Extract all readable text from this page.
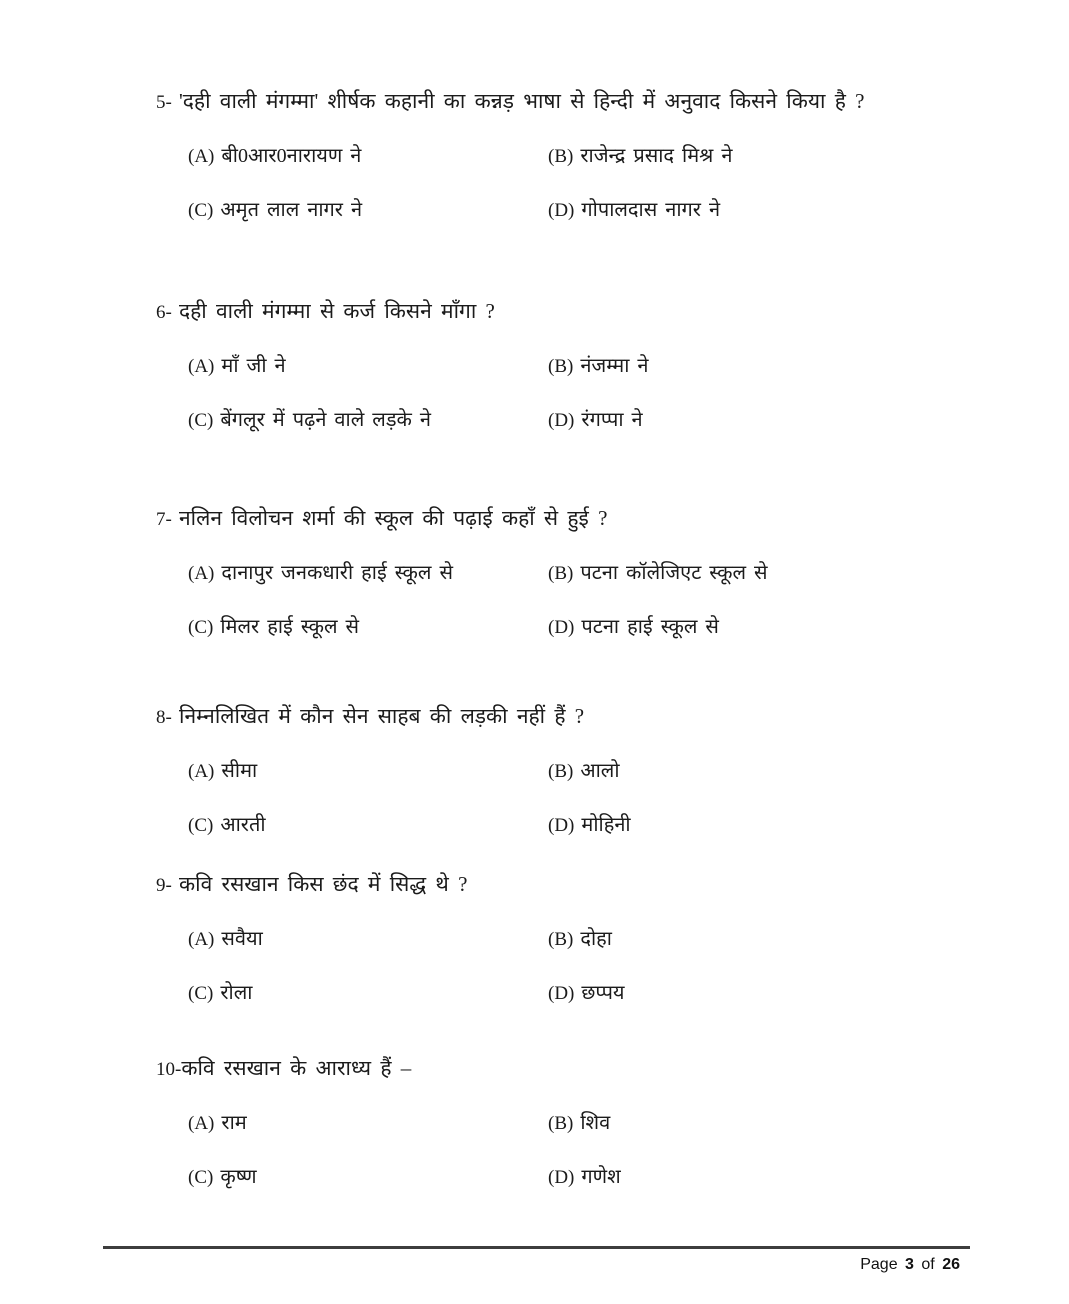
5- 'दही वाली मंगम्मा' शीर्षक कहानी का कन्नड़ भाषा से हिन्दी में अनुवाद किसने किया है ?
(A) बी0आर0नारायण ने	(B) राजेन्द्र प्रसाद मिश्र ने
(C) अमृत लाल नागर ने	(D) गोपालदास नागर ने
6- दही वाली मंगम्मा से कर्ज किसने माँगा ?
(A) माँ जी ने	(B) नंजम्मा ने
(C) बेंगलूर में पढ़ने वाले लड़के ने	(D) रंगप्पा ने
7- नलिन विलोचन शर्मा की स्कूल की पढ़ाई कहाँ से हुई ?
(A) दानापुर जनकधारी हाई स्कूल से	(B) पटना कॉलेजिएट स्कूल से
(C) मिलर हाई स्कूल से	(D) पटना हाई स्कूल से
8- निम्नलिखित में कौन सेन साहब की लड़की नहीं हैं ?
(A) सीमा	(B) आलो
(C) आरती	(D) मोहिनी
9- कवि रसखान किस छंद में सिद्ध थे ?
(A) सवैया	(B) दोहा
(C) रोला	(D) छप्पय
10- कवि रसखान के आराध्य हैं –
(A) राम	(B) शिव
(C) कृष्ण	(D) गणेश
Page 3 of 26
